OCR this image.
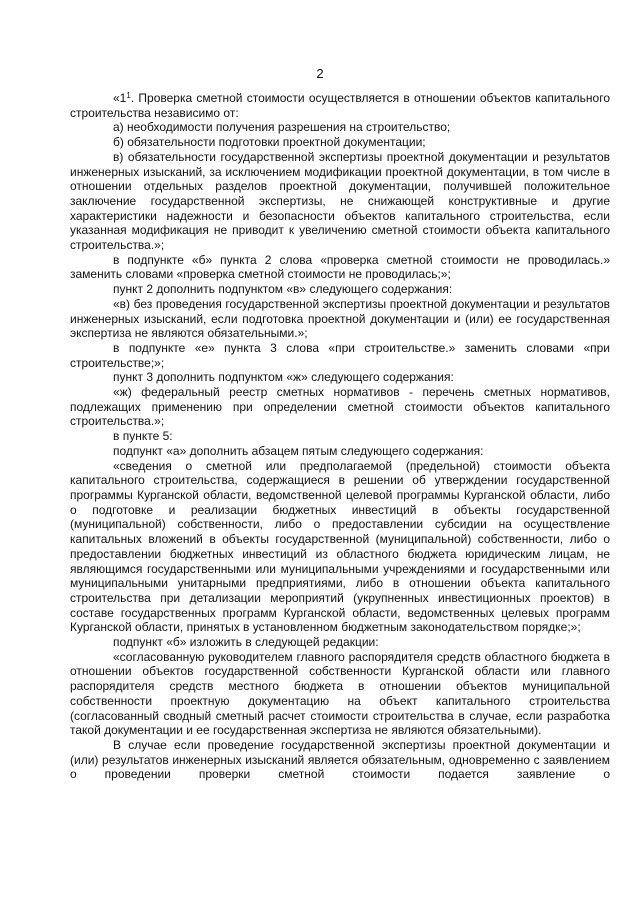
2

«$1^1$. Проверка сметной стоимости осуществляется в отношении объектов капитального строительства независимо от:

а) необходимости получения разрешения на строительство;

б) обязательности подготовки проектной документации;

в) обязательности государственной экспертизы проектной документации и результатов инженерных изысканий, за исключением модификации проектной документации, в том числе в отношении отдельных разделов проектной документации, получившей положительное заключение государственной экспертизы, не снижающей конструктивные и другие характеристики надежности и безопасности объектов капитального строительства, если указанная модификация не приводит к увеличению сметной стоимости объекта капитального строительства.»;

в подпункте «б» пункта 2 слова «проверка сметной стоимости не проводилась.» заменить словами «проверка сметной стоимости не проводилась;»;

пункт 2 дополнить подпунктом «в» следующего содержания:

«в) без проведения государственной экспертизы проектной документации и результатов инженерных изысканий, если подготовка проектной документации и (или) ее государственная экспертиза не являются обязательными.»;

в подпункте «е» пункта 3 слова «при строительстве.» заменить словами «при строительстве;»;

пункт 3 дополнить подпунктом «ж» следующего содержания:

«ж) федеральный реестр сметных нормативов - перечень сметных нормативов, подлежащих применению при определении сметной стоимости объектов капитального строительства.»;

в пункте 5:

подпункт «а» дополнить абзацем пятым следующего содержания:

«сведения о сметной или предполагаемой (предельной) стоимости объекта капитального строительства, содержащиеся в решении об утверждении государственной программы Курганской области, ведомственной целевой программы Курганской области, либо о подготовке и реализации бюджетных инвестиций в объекты государственной (муниципальной) собственности, либо о предоставлении субсидии на осуществление капитальных вложений в объекты государственной (муниципальной) собственности, либо о предоставлении бюджетных инвестиций из областного бюджета юридическим лицам, не являющимся государственными или муниципальными учреждениями и государственными или муниципальными унитарными предприятиями, либо в отношении объекта капитального строительства при детализации мероприятий (укрупненных инвестиционных проектов) в составе государственных программ Курганской области, ведомственных целевых программ Курганской области, принятых в установленном бюджетным законодательством порядке;»;

подпункт «б» изложить в следующей редакции:

«согласованную руководителем главного распорядителя средств областного бюджета в отношении объектов государственной собственности Курганской области или главного распорядителя средств местного бюджета в отношении объектов муниципальной собственности проектную документацию на объект капитального строительства (согласованный сводный сметный расчет стоимости строительства в случае, если разработка такой документации и ее государственная экспертиза не являются обязательными).

В случае если проведение государственной экспертизы проектной документации и (или) результатов инженерных изысканий является обязательным, одновременно с заявлением о проведении проверки сметной стоимости подается заявление о
